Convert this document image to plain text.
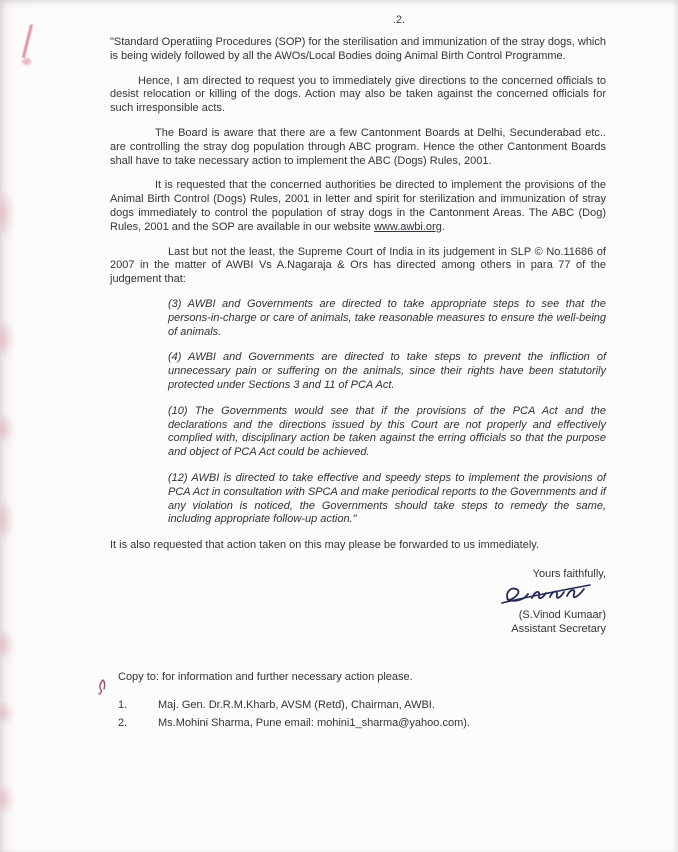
.2.

"Standard Operatiing Procedures (SOP) for the sterilisation and immunization of the stray dogs, which is being widely followed by all the AWOs/Local Bodies doing Animal Birth Control Programme.

Hence, I am directed to request you to immediately give directions to the concerned officials to desist relocation or killing of the dogs. Action may also be taken against the concerned officials for such irresponsible acts.

The Board is aware that there are a few Cantonment Boards at Delhi, Secunderabad etc.. are controlling the stray dog population through ABC program. Hence the other Cantonment Boards shall have to take necessary action to implement the ABC (Dogs) Rules, 2001.

It is requested that the concerned authorities be directed to implement the provisions of the Animal Birth Control (Dogs) Rules, 2001 in letter and spirit for sterilization and immunization of stray dogs immediately to control the population of stray dogs in the Cantonment Areas. The ABC (Dog) Rules, 2001 and the SOP are available in our website www.awbi.org.

Last but not the least, the Supreme Court of India in its judgement in SLP © No.11686 of 2007 in the matter of AWBI Vs A.Nagaraja & Ors has directed among others in para 77 of the judgement that:

(3) AWBI and Governments are directed to take appropriate steps to see that the persons-in-charge or care of animals, take reasonable measures to ensure the well-being of animals.

(4) AWBI and Governments are directed to take steps to prevent the infliction of unnecessary pain or suffering on the animals, since their rights have been statutorily protected under Sections 3 and 11 of PCA Act.

(10) The Governments would see that if the provisions of the PCA Act and the declarations and the directions issued by this Court are not properly and effectively complied with, disciplinary action be taken against the erring officials so that the purpose and object of PCA Act could be achieved.

(12) AWBI is directed to take effective and speedy steps to implement the provisions of PCA Act in consultation with SPCA and make periodical reports to the Governments and if any violation is noticed, the Governments should take steps to remedy the same, including appropriate follow-up action."

It is also requested that action taken on this may please be forwarded to us immediately.

Yours faithfully,
(S.Vinod Kumaar)
Assistant Secretary
Copy to: for information and further necessary action please.
1.	Maj. Gen. Dr.R.M.Kharb, AVSM (Retd), Chairman, AWBI.
2.	Ms.Mohini Sharma, Pune email: mohini1_sharma@yahoo.com).
